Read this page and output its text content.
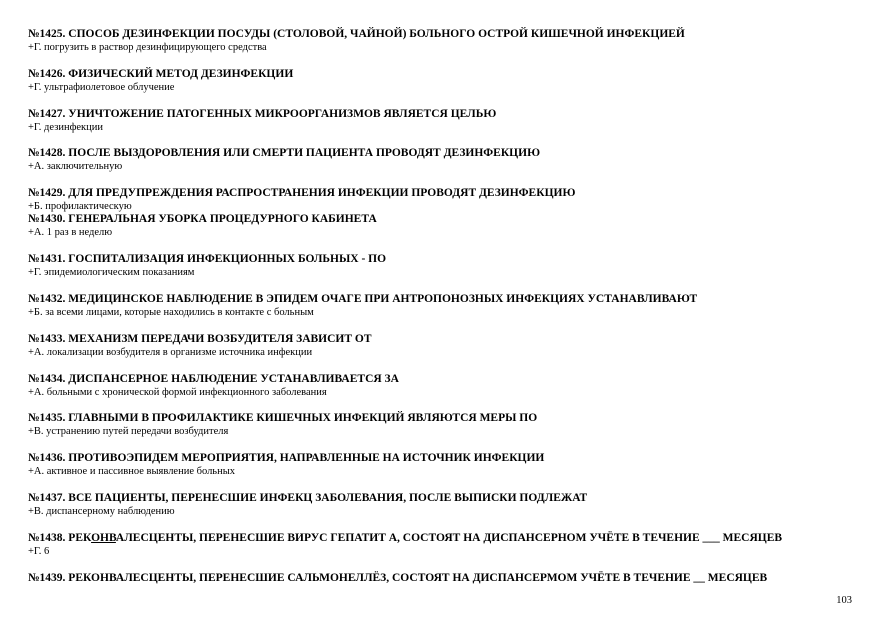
№1425. СПОСОБ ДЕЗИНФЕКЦИИ ПОСУДЫ (СТОЛОВОЙ, ЧАЙНОЙ) БОЛЬНОГО ОСТРОЙ КИШЕЧНОЙ ИНФЕКЦИЕЙ
+Г. погрузить в раствор дезинфицирующего средства
№1426. ФИЗИЧЕСКИЙ МЕТОД ДЕЗИНФЕКЦИИ
+Г. ультрафиолетовое облучение
№1427. УНИЧТОЖЕНИЕ ПАТОГЕННЫХ МИКРООРГАНИЗМОВ ЯВЛЯЕТСЯ ЦЕЛЬЮ
+Г. дезинфекции
№1428. ПОСЛЕ ВЫЗДОРОВЛЕНИЯ ИЛИ СМЕРТИ ПАЦИЕНТА ПРОВОДЯТ ДЕЗИНФЕКЦИЮ
+А. заключительную
№1429. ДЛЯ ПРЕДУПРЕЖДЕНИЯ РАСПРОСТРАНЕНИЯ ИНФЕКЦИИ ПРОВОДЯТ ДЕЗИНФЕКЦИЮ
+Б. профилактическую
№1430. ГЕНЕРАЛЬНАЯ УБОРКА ПРОЦЕДУРНОГО КАБИНЕТА
+А. 1 раз в неделю
№1431. ГОСПИТАЛИЗАЦИЯ ИНФЕКЦИОННЫХ БОЛЬНЫХ - ПО
+Г. эпидемиологическим показаниям
№1432. МЕДИЦИНСКОЕ НАБЛЮДЕНИЕ В ЭПИДЕМ ОЧАГЕ ПРИ АНТРОПОНОЗНЫХ ИНФЕКЦИЯХ УСТАНАВЛИВАЮТ
+Б. за всеми лицами, которые находились в контакте с больным
№1433. МЕХАНИЗМ ПЕРЕДАЧИ ВОЗБУДИТЕЛЯ ЗАВИСИТ ОТ
+А. локализации возбудителя в организме источника инфекции
№1434. ДИСПАНСЕРНОЕ НАБЛЮДЕНИЕ УСТАНАВЛИВАЕТСЯ ЗА
+А. больными с хронической формой инфекционного заболевания
№1435. ГЛАВНЫМИ В ПРОФИЛАКТИКЕ КИШЕЧНЫХ ИНФЕКЦИЙ ЯВЛЯЮТСЯ МЕРЫ ПО
+В. устранению путей передачи возбудителя
№1436. ПРОТИВОЭПИДЕМ МЕРОПРИЯТИЯ, НАПРАВЛЕННЫЕ НА ИСТОЧНИК ИНФЕКЦИИ
+А. активное и пассивное выявление больных
№1437. ВСЕ ПАЦИЕНТЫ, ПЕРЕНЕСШИЕ ИНФЕКЦ ЗАБОЛЕВАНИЯ, ПОСЛЕ ВЫПИСКИ ПОДЛЕЖАТ
+В. диспансерному наблюдению
№1438. РЕКОНВАЛЕСЦЕНТЫ, ПЕРЕНЕСШИЕ ВИРУС ГЕПАТИТ А, СОСТОЯТ НА ДИСПАНСЕРНОМ УЧЁТЕ В ТЕЧЕНИЕ ___ МЕСЯЦЕВ
+Г. 6
№1439. РЕКОНВАЛЕСЦЕНТЫ, ПЕРЕНЕСШИЕ САЛЬМОНЕЛЛЁЗ, СОСТОЯТ НА ДИСПАНСЕРМОМ УЧЁТЕ В ТЕЧЕНИЕ __ МЕСЯЦЕВ
103
